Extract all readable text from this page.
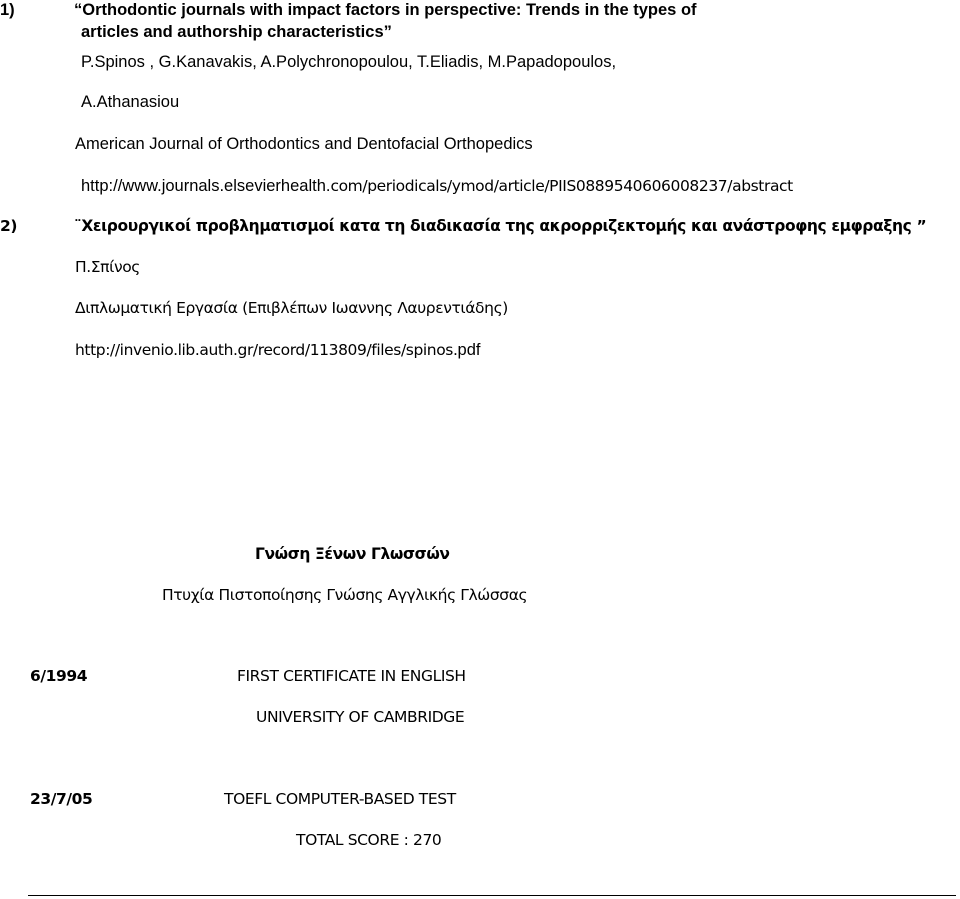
1)	“Orthodontic journals with impact factors in perspective: Trends in the types of
articles and authorship characteristics”
P.Spinos , G.Kanavakis, A.Polychronopoulou, T.Eliadis, M.Papadopoulos,
A.Athanasiou
American Journal of Orthodontics and Dentofacial Orthopedics
http://www.journals.elsevierhealth.com/periodicals/ymod/article/PIIS0889540606008237/abstract
2)	¨Χειρουργικοί προβληματισμοί κατα τη διαδικασία της ακρορριζεκτομής και ανάστροφης εμφραξης ”
Π.Σπίνος
Διπλωματική Εργασία (Επιβλέπων Ιωαννης Λαυρεντιάδης)
http://invenio.lib.auth.gr/record/113809/files/spinos.pdf
Γνώση Ξένων Γλωσσών
Πτυχία Πιστοποίησης Γνώσης Αγγλικής Γλώσσας
6/1994	FIRST CERTIFICATE IN ENGLISH
UNIVERSITY OF CAMBRIDGE
23/7/05	TOEFL COMPUTER-BASED TEST
TOTAL SCORE : 270
